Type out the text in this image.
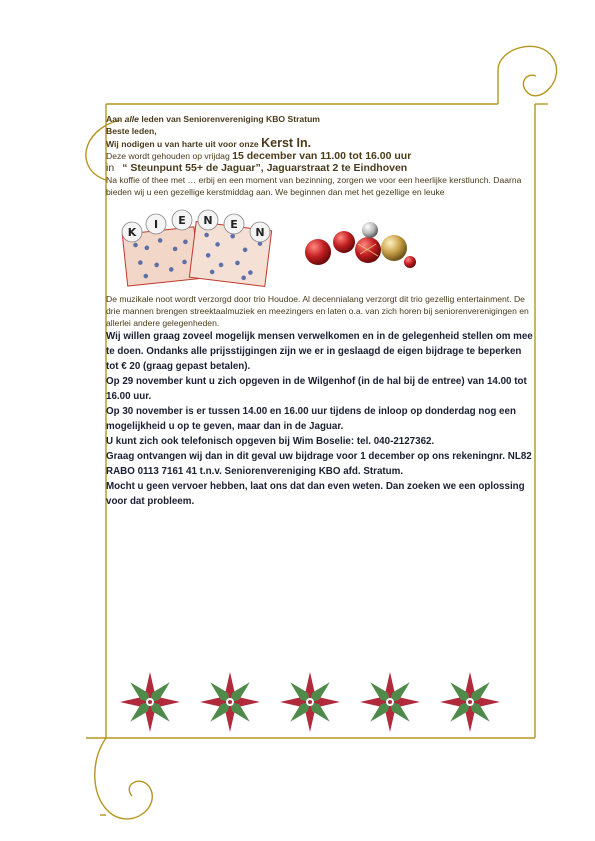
Aan alle leden van Seniorenvereniging KBO Stratum

Beste leden,

Wij nodigen u van harte uit voor onze Kerst In.

Deze wordt gehouden op vrijdag 15 december van 11.00 tot 16.00 uur

in “ Steunpunt 55+ de Jaguar”, Jaguarstraat 2 te Eindhoven

Na koffie of thee met … erbij en een moment van bezinning, zorgen we voor een heerlijke kerstlunch. Daarna bieden wij u een gezellige kerstmiddag aan. We beginnen dan met het gezellige en leuke

K
I E N E
N

De muzikale noot wordt verzorgd door trio Houdoe. Al decennialang verzorgt dit trio gezellig entertainment. De drie mannen brengen streektaalmuziek en meezingers en laten o.a. van zich horen bij seniorenverenigingen en allerlei andere gelegenheden.

Wij willen graag zoveel mogelijk mensen verwelkomen en in de gelegenheid stellen om mee te doen. Ondanks alle prijsstijgingen zijn we er in geslaagd de eigen bijdrage te beperken tot € 20 (graag gepast betalen).

Op 29 november kunt u zich opgeven in de Wilgenhof (in de hal bij de entree) van 14.00 tot 16.00 uur.

Op 30 november is er tussen 14.00 en 16.00 uur tijdens de inloop op donderdag nog een mogelijkheid u op te geven, maar dan in de Jaguar.

U kunt zich ook telefonisch opgeven bij Wim Boselie: tel. 040-2127362.
Graag ontvangen wij dan in dit geval uw bijdrage voor 1 december op ons rekeningnr. NL82 RABO 0113 7161 41 t.n.v. Seniorenvereniging KBO afd. Stratum.

Mocht u geen vervoer hebben, laat ons dat dan even weten. Dan zoeken we een oplossing voor dat probleem.
